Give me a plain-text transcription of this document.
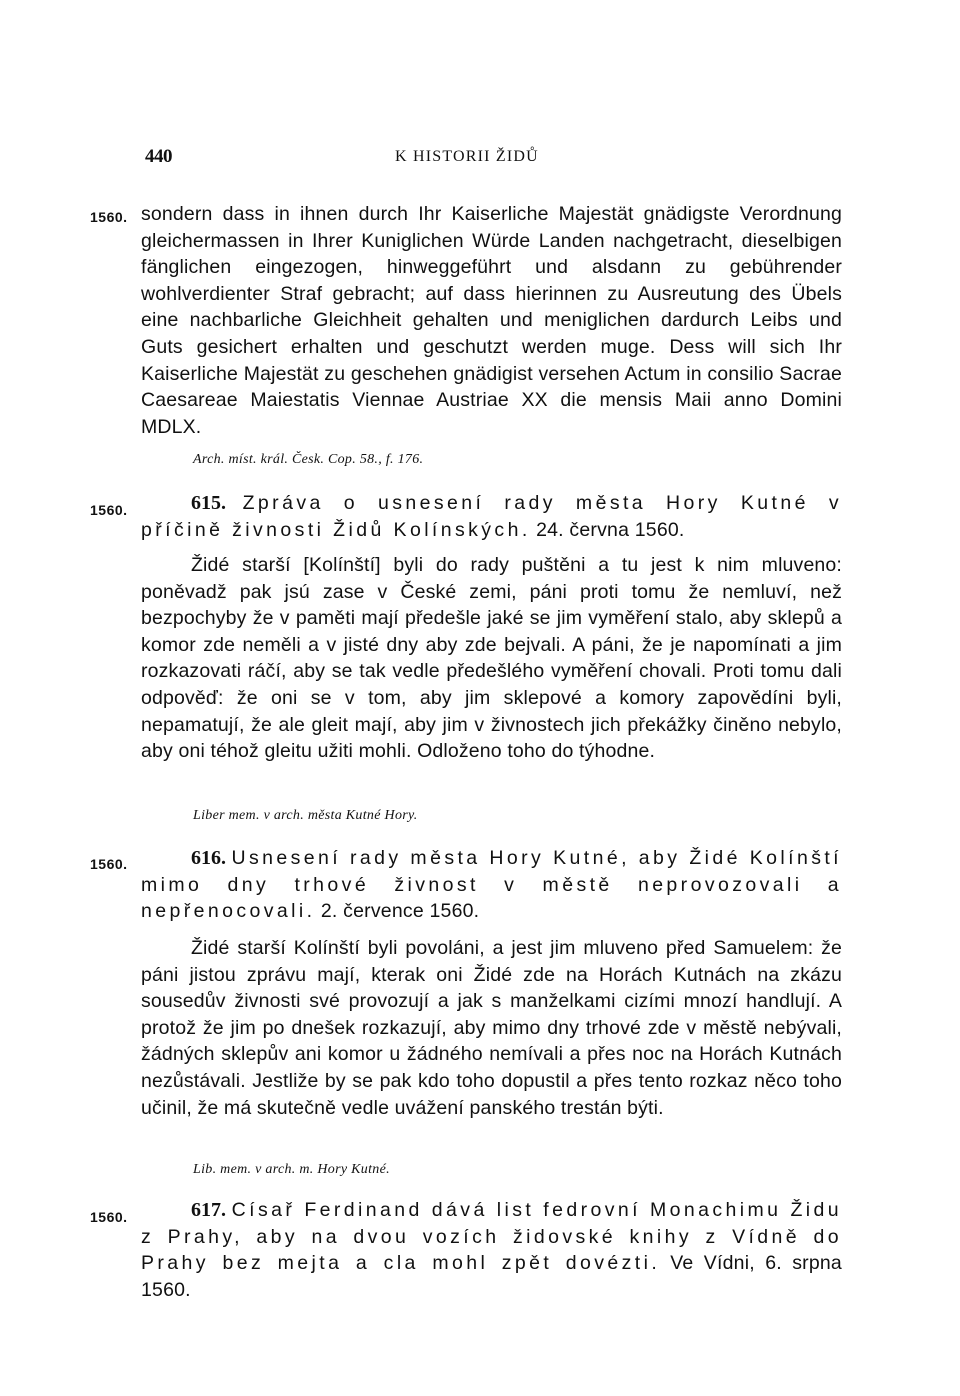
440	K HISTORII ŽIDŮ
1560. sondern dass in ihnen durch Ihr Kaiserliche Majestät gnädigste Verordnung gleichermassen in Ihrer Kuniglichen Würde Landen nachgetracht, dieselbigen fänglichen eingezogen, hinweggeführt und alsdann zu gebührender wohlverdienter Straf gebracht; auf dass hierinnen zu Ausreutung des Übels eine nachbarliche Gleichheit gehalten und meniglichen dardurch Leibs und Guts gesichert erhalten und geschutzt werden muge. Dess will sich Ihr Kaiserliche Majestät zu geschehen gnädigist versehen Actum in consilio Sacrae Caesareae Maiestatis Viennae Austriae XX die mensis Maii anno Domini MDLX.

Arch. míst. král. Česk. Cop. 58., f. 176.

1560.	615. Zpráva o usnesení rady města Hory Kutné v příčině živnosti Židů Kolínských. 24. června 1560.

Židé starší [Kolínští] byli do rady puštěni a tu jest k nim mluveno: poněvadž pak jsú zase v České zemi, páni proti tomu že nemluví, než bezpochyby že v paměti mají předešle jaké se jim vyměření stalo, aby sklepů a komor zde neměli a v jisté dny aby zde bejvali. A páni, že je napomínati a jim rozkazovati ráčí, aby se tak vedle předešlého vyměření chovali. Proti tomu dali odpověď: že oni se v tom, aby jim sklepové a komory zapovědíni byli, nepamatují, že ale gleit mají, aby jim v živnostech jich překážky činěno nebylo, aby oni téhož gleitu užiti mohli. Odloženo toho do týhodne.

Liber mem. v arch. města Kutné Hory.

1560.	616. Usnesení rady města Hory Kutné, aby Židé Kolínští mimo dny trhové živnost v městě neprovozovali a nepřenocovali. 2. července 1560.

Židé starší Kolínští byli povoláni, a jest jim mluveno před Samuelem: že páni jistou zprávu mají, kterak oni Židé zde na Horách Kutnách na zkázu sousedův živnosti své provozují a jak s manželkami cizími mnozí handlují. A protož že jim po dnešek rozkazují, aby mimo dny trhové zde v městě nebývali, žádných sklepův ani komor u žádného nemívali a přes noc na Horách Kutnách nezůstávali. Jestliže by se pak kdo toho dopustil a přes tento rozkaz něco toho učinil, že má skutečně vedle uvážení panského trestán býti.

Lib. mem. v arch. m. Hory Kutné.

1560.	617. Císař Ferdinand dává list fedrovní Monachimu Židu z Prahy, aby na dvou vozích židovské knihy z Vídně do Prahy bez mejta a cla mohl zpět dovézti. Ve Vídni, 6. srpna 1560.
